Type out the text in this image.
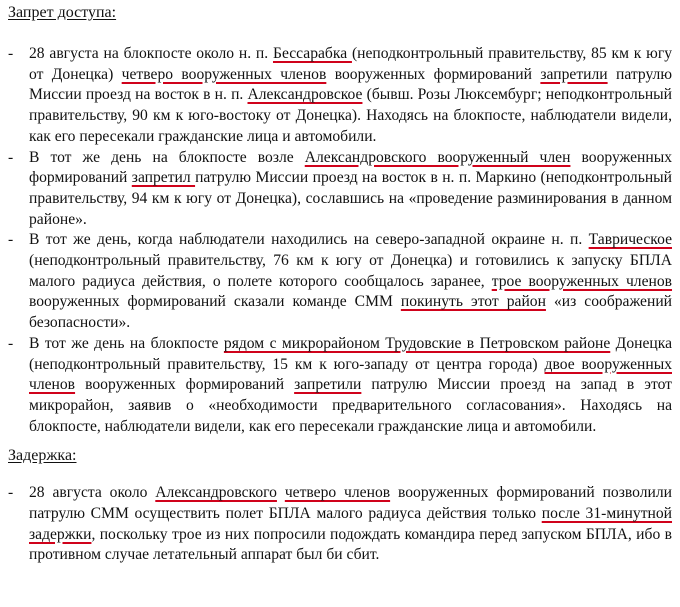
Запрет доступа:
- 28 августа на блокпосте около н. п. Бессарабка (неподконтрольный правительству, 85 км к югу от Донецка) четверо вооруженных членов вооруженных формирований запретили патрулю Миссии проезд на восток в н. п. Александровское (бывш. Розы Люксембург; неподконтрольный правительству, 90 км к юго-востоку от Донецка). Находясь на блокпосте, наблюдатели видели, как его пересекали гражданские лица и автомобили.
- В тот же день на блокпосте возле Александровского вооруженный член вооруженных формирований запретил патрулю Миссии проезд на восток в н. п. Маркино (неподконтрольный правительству, 94 км к югу от Донецка), сославшись на «проведение разминирования в данном районе».
- В тот же день, когда наблюдатели находились на северо-западной окраине н. п. Таврическое (неподконтрольный правительству, 76 км к югу от Донецка) и готовились к запуску БПЛА малого радиуса действия, о полете которого сообщалось заранее, трое вооруженных членов вооруженных формирований сказали команде СММ покинуть этот район «из соображений безопасности».
- В тот же день на блокпосте рядом с микрорайоном Трудовские в Петровском районе Донецка (неподконтрольный правительству, 15 км к юго-западу от центра города) двое вооруженных членов вооруженных формирований запретили патрулю Миссии проезд на запад в этот микрорайон, заявив о «необходимости предварительного согласования». Находясь на блокпосте, наблюдатели видели, как его пересекали гражданские лица и автомобили.
Задержка:
- 28 августа около Александровского четверо членов вооруженных формирований позволили патрулю СММ осуществить полет БПЛА малого радиуса действия только после 31-минутной задержки, поскольку трое из них попросили подождать командира перед запуском БПЛА, ибо в противном случае летательный аппарат был би сбит.
